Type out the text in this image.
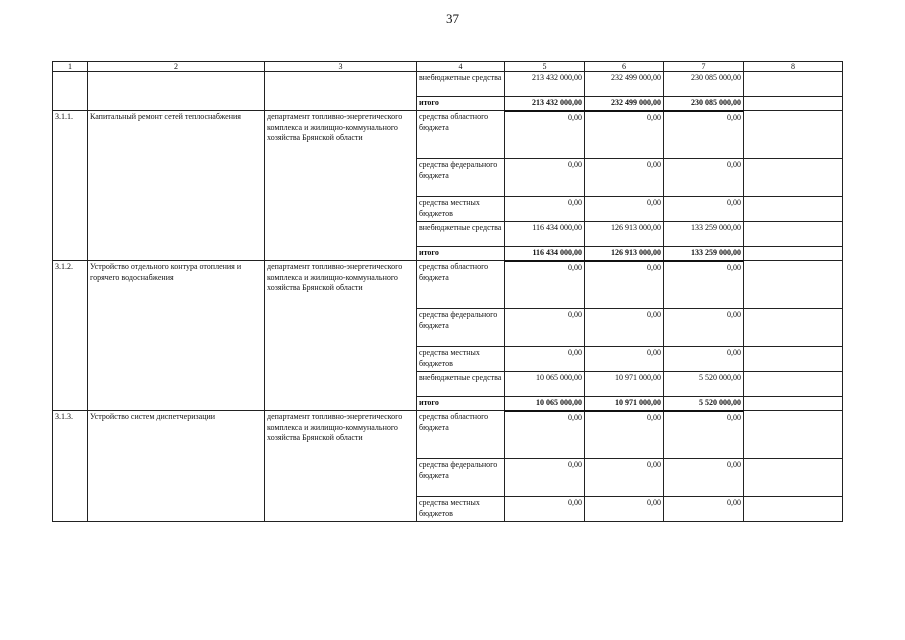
37
1	2	3	4	5	6	7	8
			внебюджетные средства	213 432 000,00	232 499 000,00	230 085 000,00	
			итого	213 432 000,00	232 499 000,00	230 085 000,00	
3.1.1.	Капитальный ремонт сетей теплоснабжения	департамент топливно-энергетического комплекса и жилищно-коммунального хозяйства Брянской области	средства областного бюджета	0,00	0,00	0,00	
			средства федерального бюджета	0,00	0,00	0,00	
			средства местных бюджетов	0,00	0,00	0,00	
			внебюджетные средства	116 434 000,00	126 913 000,00	133 259 000,00	
			итого	116 434 000,00	126 913 000,00	133 259 000,00	
3.1.2.	Устройство отдельного контура отопления и горячего водоснабжения	департамент топливно-энергетического комплекса и жилищно-коммунального хозяйства Брянской области	средства областного бюджета	0,00	0,00	0,00	
			средства федерального бюджета	0,00	0,00	0,00	
			средства местных бюджетов	0,00	0,00	0,00	
			внебюджетные средства	10 065 000,00	10 971 000,00	5 520 000,00	
			итого	10 065 000,00	10 971 000,00	5 520 000,00	
3.1.3.	Устройство систем диспетчеризации	департамент топливно-энергетического комплекса и жилищно-коммунального хозяйства Брянской области	средства областного бюджета	0,00	0,00	0,00	
			средства федерального бюджета	0,00	0,00	0,00	
			средства местных бюджетов	0,00	0,00	0,00	
